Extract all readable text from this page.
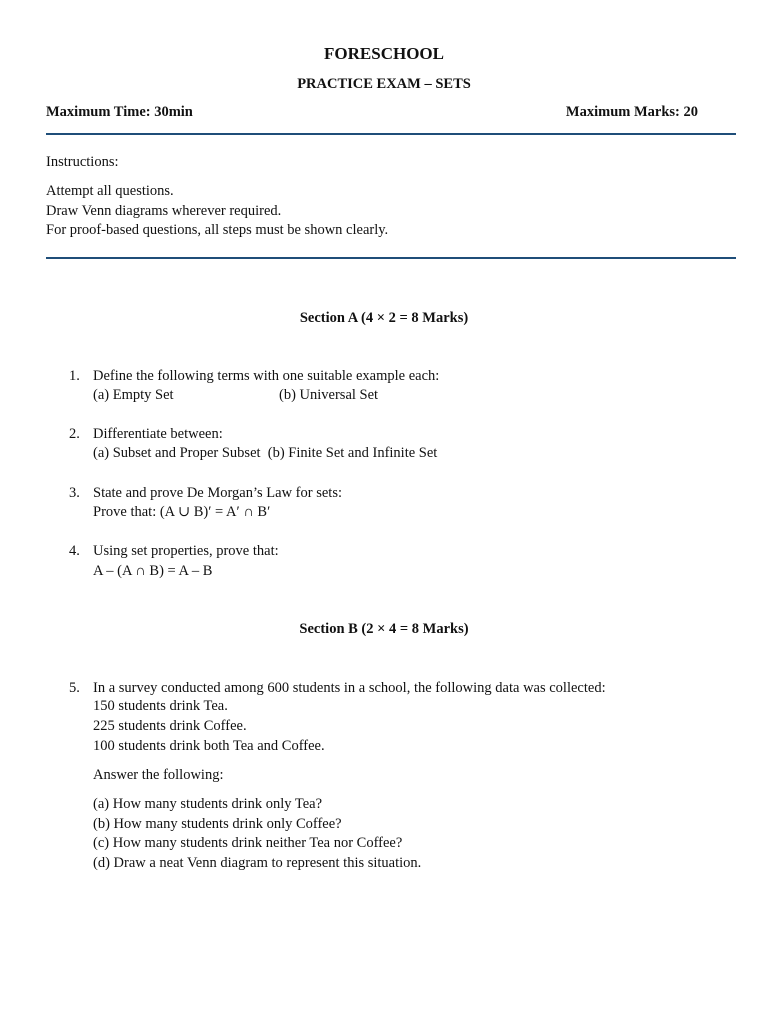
FORESCHOOL
PRACTICE EXAM – SETS
Maximum Time: 30min	Maximum Marks: 20
Instructions:
Attempt all questions.
Draw Venn diagrams wherever required.
For proof-based questions, all steps must be shown clearly.
Section A (4 × 2 = 8 Marks)
1. Define the following terms with one suitable example each:
(a) Empty Set	(b) Universal Set
2. Differentiate between:
(a) Subset and Proper Subset  (b) Finite Set and Infinite Set
3. State and prove De Morgan’s Law for sets:
Prove that: (A ∪ B)′ = A′ ∩ B′
4. Using set properties, prove that:
A – (A ∩ B) = A – B
Section B (2 × 4 = 8 Marks)
5. In a survey conducted among 600 students in a school, the following data was collected:
150 students drink Tea.
225 students drink Coffee.
100 students drink both Tea and Coffee.
Answer the following:
(a) How many students drink only Tea?
(b) How many students drink only Coffee?
(c) How many students drink neither Tea nor Coffee?
(d) Draw a neat Venn diagram to represent this situation.
